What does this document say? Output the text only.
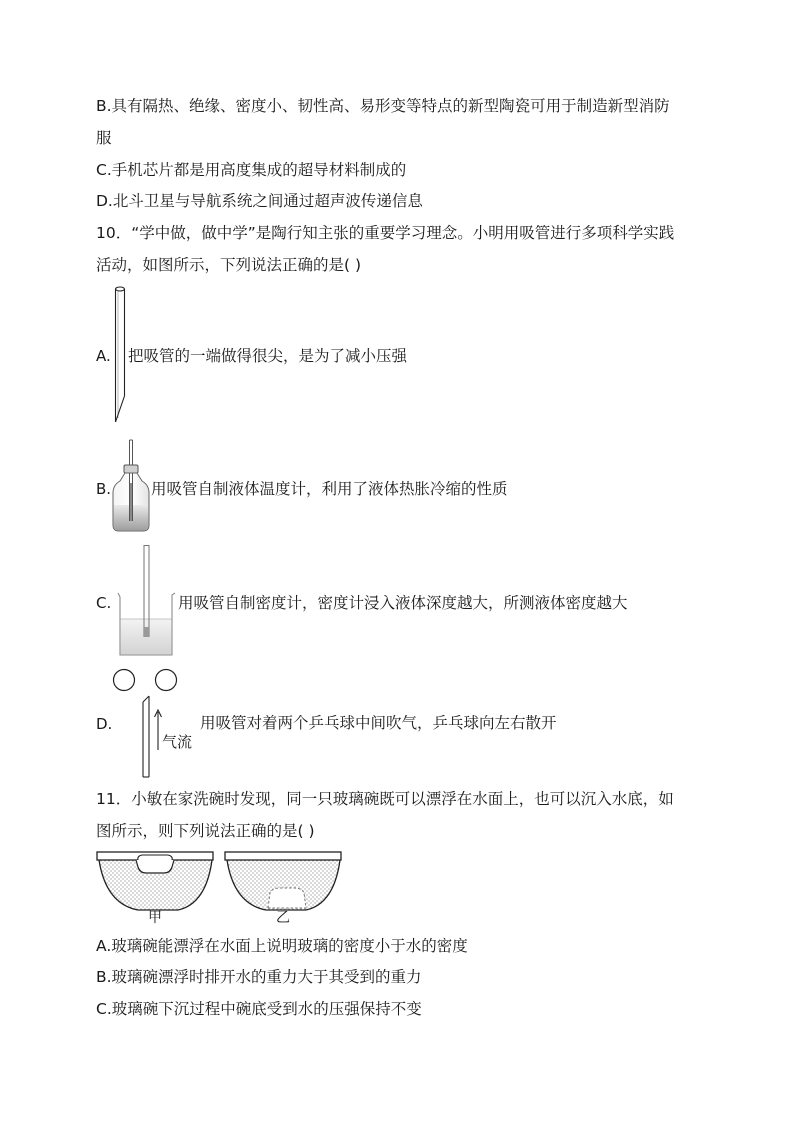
B.具有隔热、绝缘、密度小、韧性高、易形变等特点的新型陶瓷可用于制造新型消防
服
C.手机芯片都是用高度集成的超导材料制成的
D.北斗卫星与导航系统之间通过超声波传递信息
10．“学中做，做中学”是陶行知主张的重要学习理念。小明用吸管进行多项科学实践
活动，如图所示，下列说法正确的是( )
A. 把吸管的一端做得很尖，是为了减小压强
B.	用吸管自制液体温度计，利用了液体热胀冷缩的性质
C.	用吸管自制密度计，密度计浸入液体深度越大，所测液体密度越大
D.
气流
用吸管对着两个乒乓球中间吹气，乒乓球向左右散开
11．小敏在家洗碗时发现，同一只玻璃碗既可以漂浮在水面上，也可以沉入水底，如
图所示，则下列说法正确的是( )
甲	乙
A.玻璃碗能漂浮在水面上说明玻璃的密度小于水的密度
B.玻璃碗漂浮时排开水的重力大于其受到的重力
C.玻璃碗下沉过程中碗底受到水的压强保持不变
